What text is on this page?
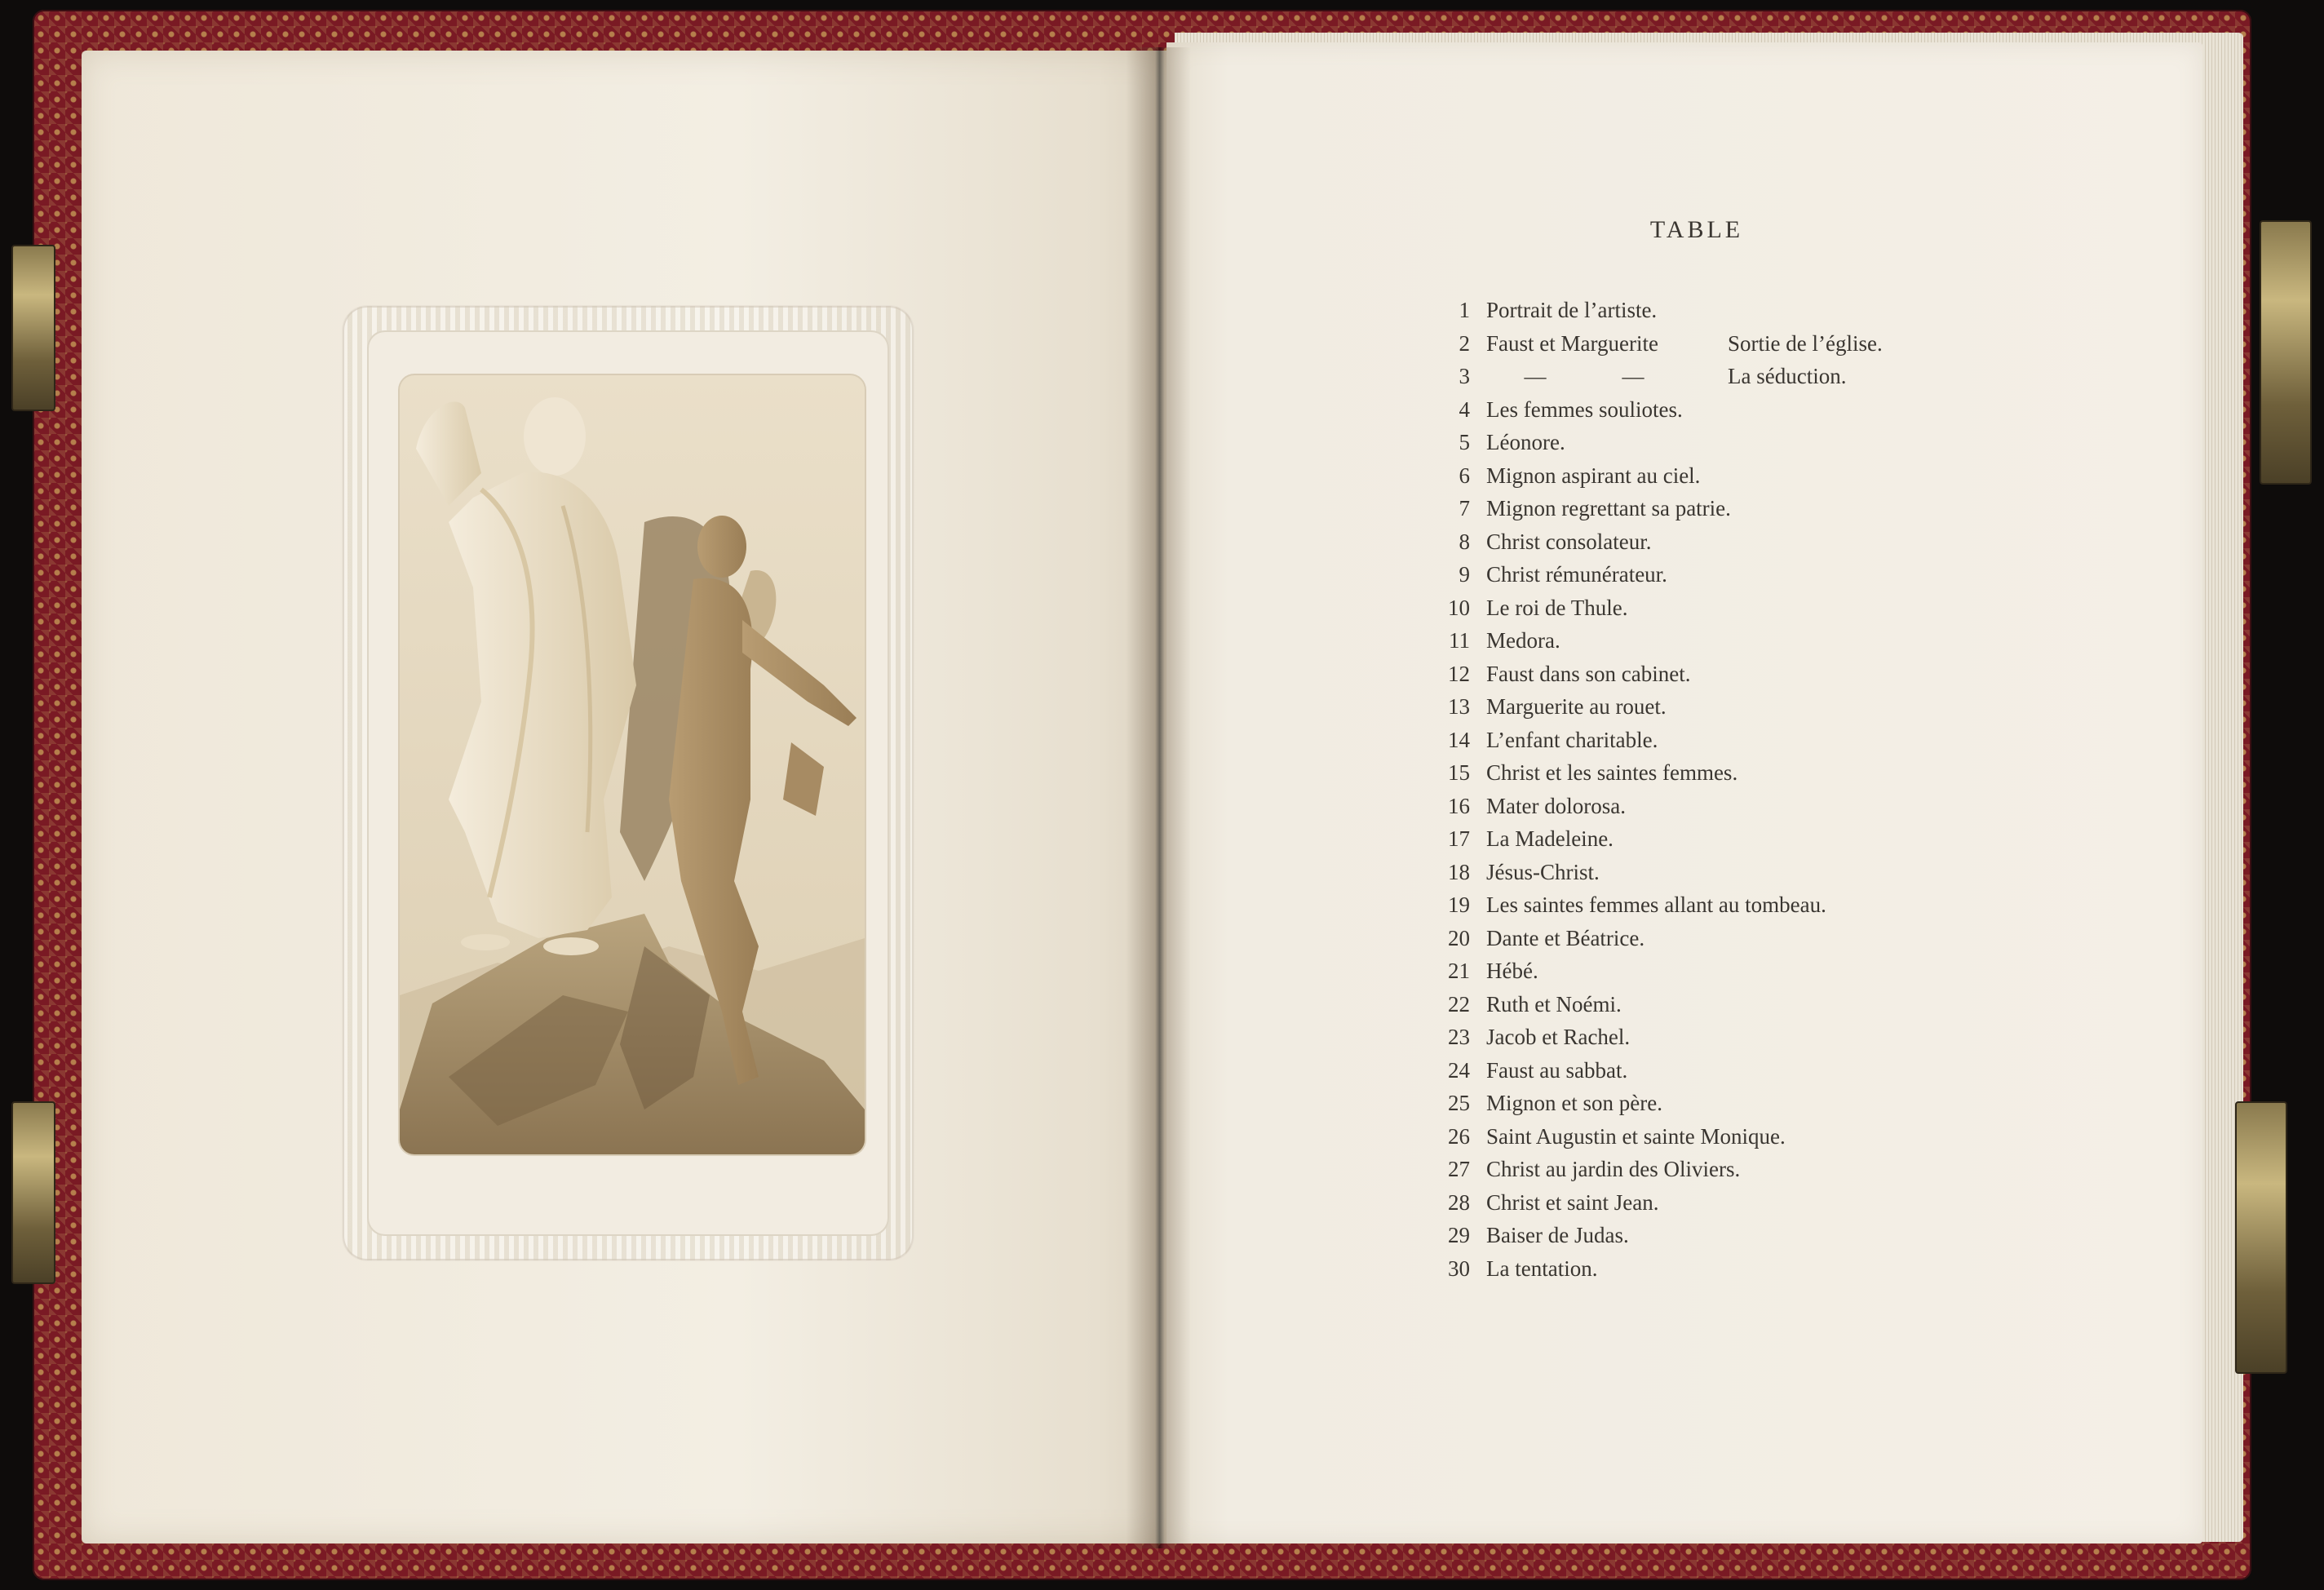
TABLE
1 Portrait de l’artiste.
2 Faust et Marguerite	Sortie de l’église.
3 —	—	La séduction.
4 Les femmes souliotes.
5 Léonore.
6 Mignon aspirant au ciel.
7 Mignon regrettant sa patrie.
8 Christ consolateur.
9 Christ rémunérateur.
10 Le roi de Thule.
11 Medora.
12 Faust dans son cabinet.
13 Marguerite au rouet.
14 L’enfant charitable.
15 Christ et les saintes femmes.
16 Mater dolorosa.
17 La Madeleine.
18 Jésus-Christ.
19 Les saintes femmes allant au tombeau.
20 Dante et Béatrice.
21 Hébé.
22 Ruth et Noémi.
23 Jacob et Rachel.
24 Faust au sabbat.
25 Mignon et son père.
26 Saint Augustin et sainte Monique.
27 Christ au jardin des Oliviers.
28 Christ et saint Jean.
29 Baiser de Judas.
30 La tentation.
